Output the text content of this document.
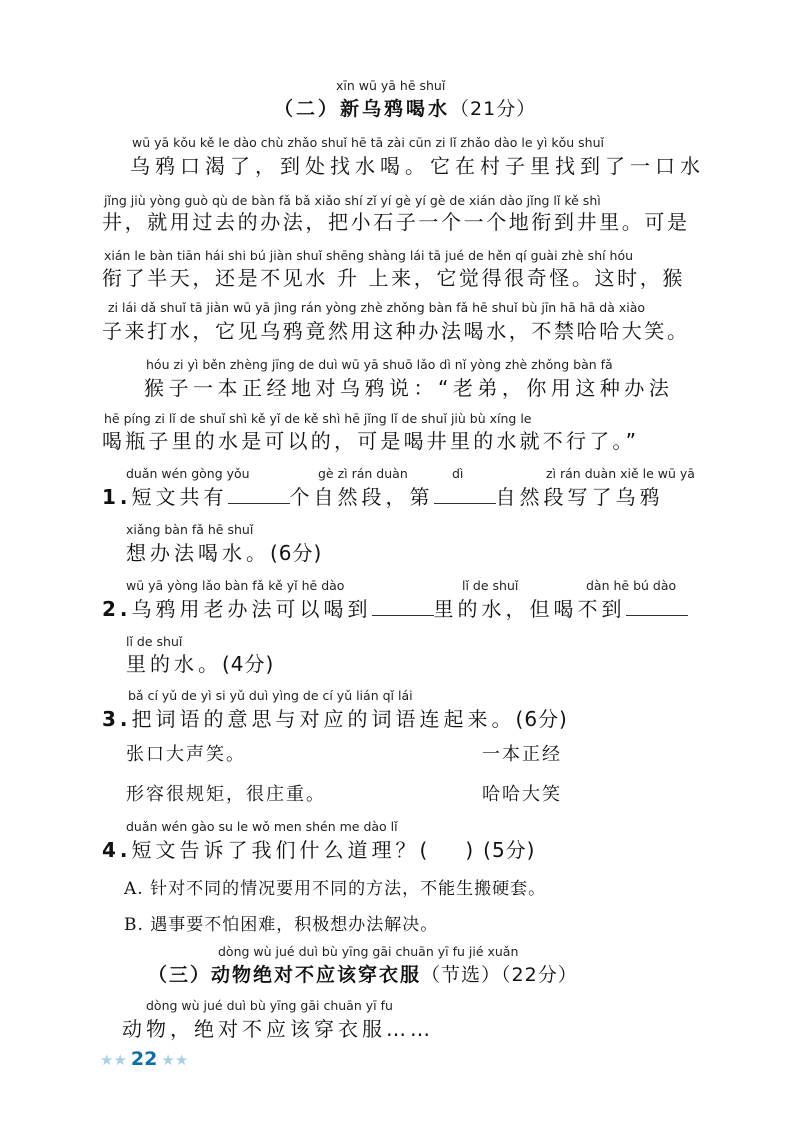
xīn wū yā hē shuǐ
（二）新乌鸦喝水（21分）
wū yā kǒu kě le dào chù zhǎo shuǐ hē tā zài cūn zi lǐ zhǎo dào le yì kǒu shuǐ
乌鸦口渴了，到处找水喝。它在村子里找到了一口水
jǐng jiù yòng guò qù de bàn fǎ bǎ xiǎo shí zǐ yí gè yí gè de xián dào jǐng lǐ kě shì
井，就用过去的办法，把小石子一个一个地衔到井里。可是
xián le bàn tiān hái shi bú jiàn shuǐ shēng shàng lái tā jué de hěn qí guài zhè shí hóu
衔了半天，还是不见水 升 上来，它觉得很奇怪。这时，猴
zi lái dǎ shuǐ tā jiàn wū yā jìng rán yòng zhè zhǒng bàn fǎ hē shuǐ bù jīn hā hā dà xiào
子来打水，它见乌鸦竟然用这种办法喝水，不禁哈哈大笑。
hóu zi yì běn zhèng jīng de duì wū yā shuō lǎo dì nǐ yòng zhè zhǒng bàn fǎ
猴子一本正经地对乌鸦说：“老弟，你用这种办法
hē píng zi lǐ de shuǐ shì kě yǐ de kě shì hē jǐng lǐ de shuǐ jiù bù xíng le
喝瓶子里的水是可以的，可是喝井里的水就不行了。”
duǎn wén gòng yǒu	gè zì rán duàn	dì	zì rán duàn xiě le wū yā
1.短文共有	个自然段，第	自然段写了乌鸦
xiǎng bàn fǎ hē shuǐ
想办法喝水。(6分)
wū yā yòng lǎo bàn fǎ kě yǐ hē dào	lǐ de shuǐ	dàn hē bú dào
2.乌鸦用老办法可以喝到	里的水，但喝不到
lǐ de shuǐ
里的水。(4分)
bǎ cí yǔ de yì si yǔ duì yìng de cí yǔ lián qǐ lái
3.把词语的意思与对应的词语连起来。(6分)
张口大声笑。	一本正经
形容很规矩，很庄重。	哈哈大笑
duǎn wén gào su le wǒ men shén me dào lǐ
4.短文告诉了我们什么道理？( ) (5分)
A. 针对不同的情况要用不同的方法，不能生搬硬套。
B. 遇事要不怕困难，积极想办法解决。
dòng wù jué duì bù yīng gāi chuān yī fu jié xuǎn
（三）动物绝对不应该穿衣服（节选）（22分）
dòng wù jué duì bù yīng gāi chuān yī fu
动物，绝对不应该穿衣服……
★★ 22 ★★
